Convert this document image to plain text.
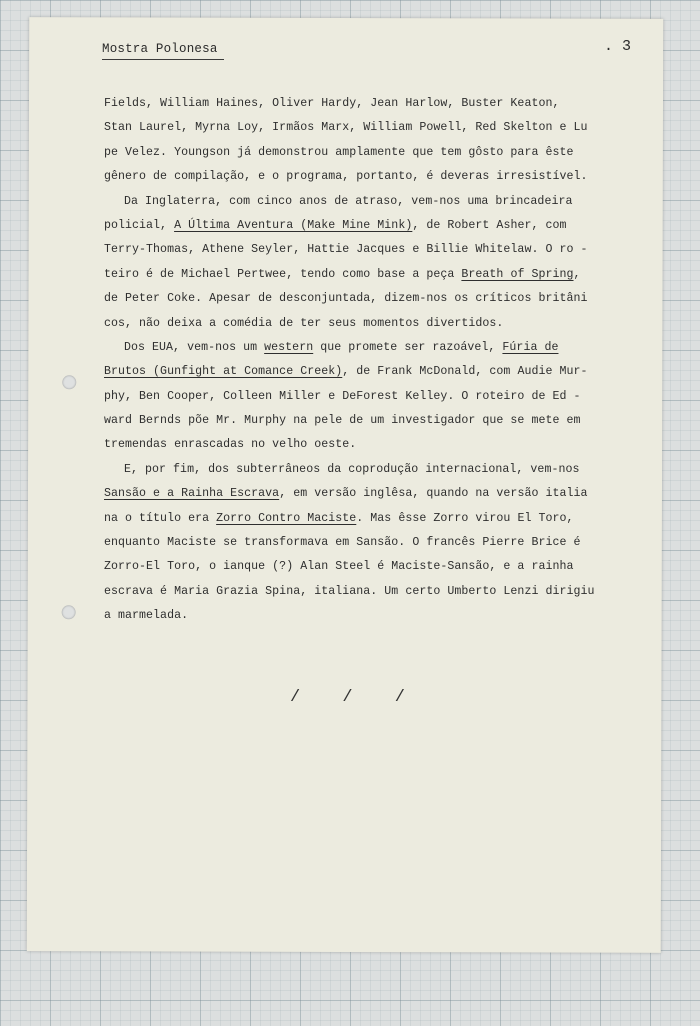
Mostra Polonesa	. 3
Fields, William Haines, Oliver Hardy, Jean Harlow, Buster Keaton,
Stan Laurel, Myrna Loy, Irmãos Marx, William Powell, Red Skelton e Lu
pe Velez. Youngson já demonstrou amplamente que tem gôsto para êste
gênero de compilação, e o programa, portanto, é deveras irresistível.
Da Inglaterra, com cinco anos de atraso, vem-nos uma brincadeira
policial, A Última Aventura (Make Mine Mink), de Robert Asher, com
Terry-Thomas, Athene Seyler, Hattie Jacques e Billie Whitelaw. O ro -
teiro é de Michael Pertwee, tendo como base a peça Breath of Spring,
de Peter Coke. Apesar de desconjuntada, dizem-nos os críticos britâni
cos, não deixa a comédia de ter seus momentos divertidos.
Dos EUA, vem-nos um western que promete ser razoável, Fúria de
Brutos (Gunfight at Comance Creek), de Frank McDonald, com Audie Mur-
phy, Ben Cooper, Colleen Miller e DeForest Kelley. O roteiro de Ed -
ward Bernds põe Mr. Murphy na pele de um investigador que se mete em
tremendas enrascadas no velho oeste.
E, por fim, dos subterrâneos da coprodução internacional, vem-nos
Sansão e a Rainha Escrava, em versão inglêsa, quando na versão italia
na o título era Zorro Contro Maciste. Mas êsse Zorro virou El Toro,
enquanto Maciste se transformava em Sansão. O francês Pierre Brice é
Zorro-El Toro, o ianque (?) Alan Steel é Maciste-Sansão, e a rainha
escrava é Maria Grazia Spina, italiana. Um certo Umberto Lenzi dirigiu
a marmelada.
/ / /
